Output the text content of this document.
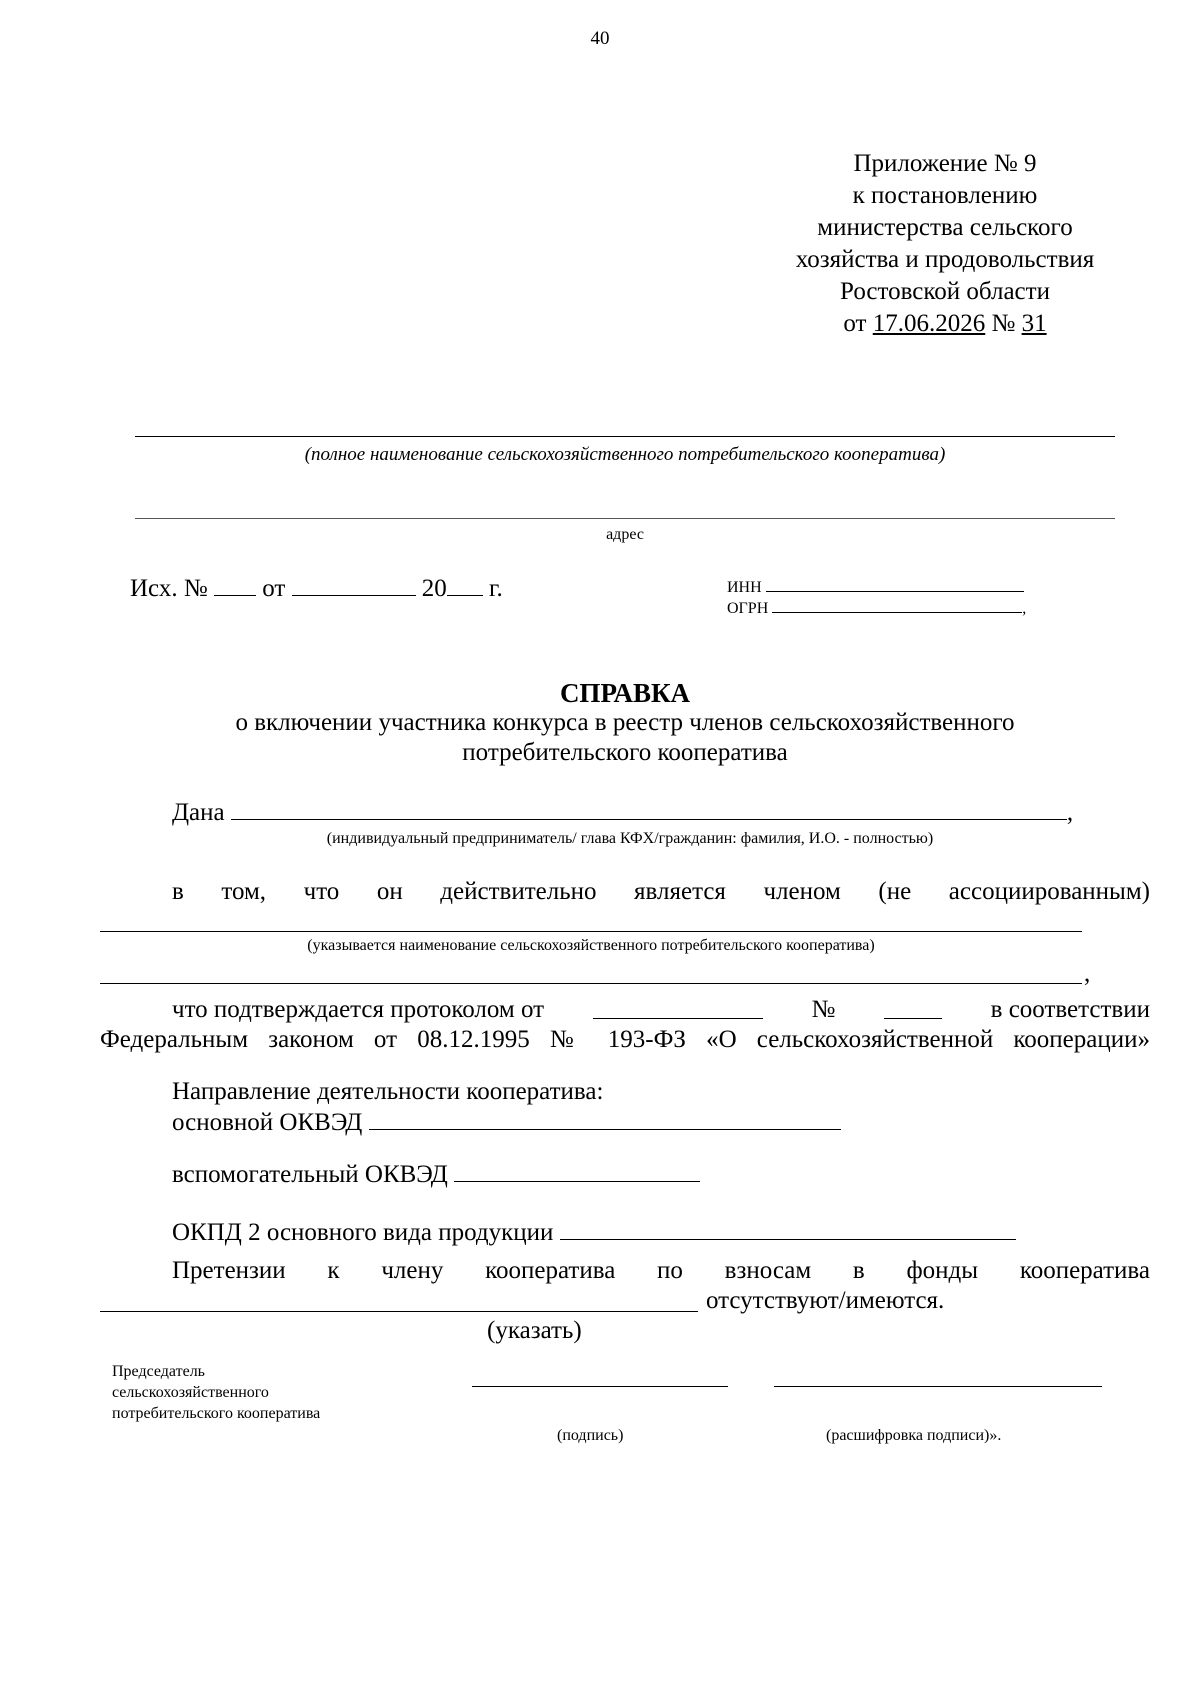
40
Приложение № 9
к постановлению
министерства сельского
хозяйства и продовольствия
Ростовской области
от 17.06.2026 № 31
(полное наименование сельскохозяйственного потребительского кооператива)
адрес
Исх. № от	20 г.	ИНН
ОГРН	,
СПРАВКА
о включении участника конкурса в реестр членов сельскохозяйственного
потребительского кооператива
Дана	,
(индивидуальный предприниматель/ глава КФХ/гражданин: фамилия, И.О. - полностью)
в том, что он действительно является членом (не ассоциированным)
(указывается наименование сельскохозяйственного потребительского кооператива)
,
что подтверждается протоколом от	№	в соответствии
Федеральным законом от 08.12.1995 № 193-ФЗ «О сельскохозяйственной кооперации»
Направление деятельности кооператива:
основной ОКВЭД
вспомогательный ОКВЭД
ОКПД 2 основного вида продукции
Претензии к члену кооператива по взносам в фонды кооператива
отсутствуют/имеются.
(указать)
Председатель
сельскохозяйственного
потребительского кооператива
(подпись)	(расшифровка подписи)».
